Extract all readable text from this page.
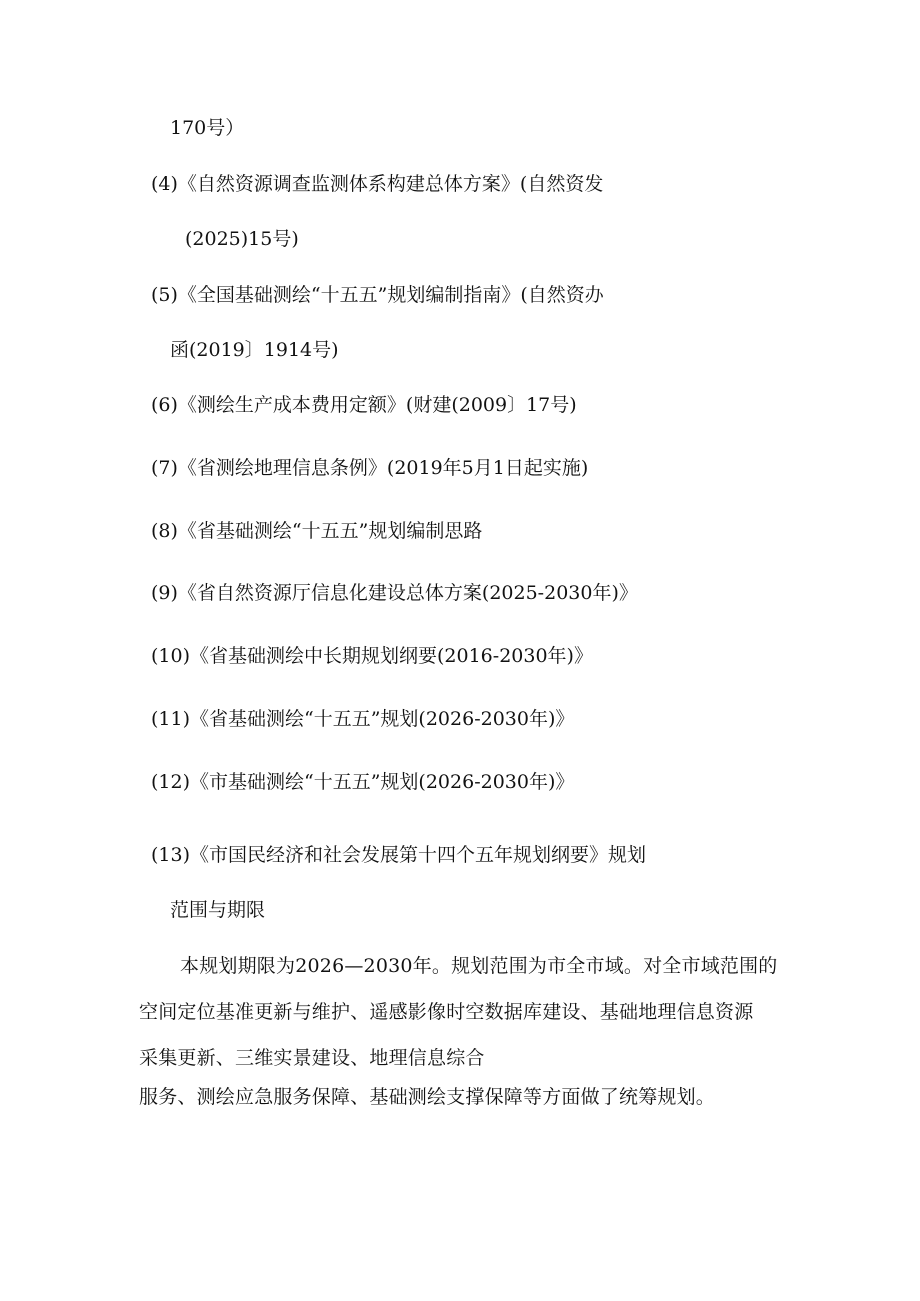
170号）
(4)《自然资源调查监测体系构建总体方案》(自然资发
(2025)15号)
(5)《全国基础测绘“十五五”规划编制指南》(自然资办
函(2019〕1914号)
(6)《测绘生产成本费用定额》(财建(2009〕17号)
(7)《省测绘地理信息条例》(2019年5月1日起实施)
(8)《省基础测绘“十五五”规划编制思路
(9)《省自然资源厅信息化建设总体方案(2025-2030年)》
(10)《省基础测绘中长期规划纲要(2016-2030年)》
(11)《省基础测绘“十五五”规划(2026-2030年)》
(12)《市基础测绘“十五五”规划(2026-2030年)》
(13)《市国民经济和社会发展第十四个五年规划纲要》规划
范围与期限
本规划期限为2026—2030年。规划范围为市全市域。对全市域范围的
空间定位基准更新与维护、遥感影像时空数据库建设、基础地理信息资源
采集更新、三维实景建设、地理信息综合
服务、测绘应急服务保障、基础测绘支撑保障等方面做了统筹规划。
